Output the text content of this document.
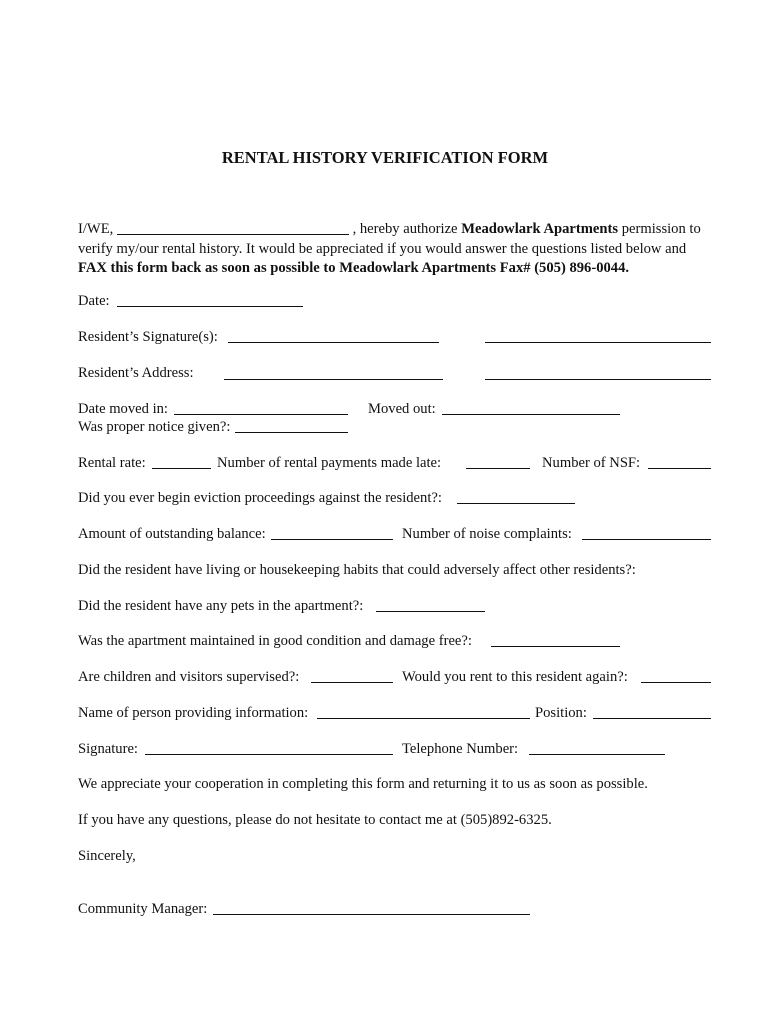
RENTAL HISTORY VERIFICATION FORM
I/WE,	, hereby authorize Meadowlark Apartments permission to
verify my/our rental history. It would be appreciated if you would answer the questions listed below and
FAX this form back as soon as possible to Meadowlark Apartments Fax# (505) 896-0044.
Date:
Resident’s Signature(s):
Resident’s Address:
Date moved in:	Moved out:
Was proper notice given?:
Rental rate:	Number of rental payments made late:	Number of NSF:
Did you ever begin eviction proceedings against the resident?:
Amount of outstanding balance:	Number of noise complaints:
Did the resident have living or housekeeping habits that could adversely affect other residents?:
Did the resident have any pets in the apartment?:
Was the apartment maintained in good condition and damage free?:
Are children and visitors supervised?:	Would you rent to this resident again?:
Name of person providing information:	Position:
Signature:	Telephone Number:
We appreciate your cooperation in completing this form and returning it to us as soon as possible.
If you have any questions, please do not hesitate to contact me at (505)892-6325.
Sincerely,
Community Manager:
